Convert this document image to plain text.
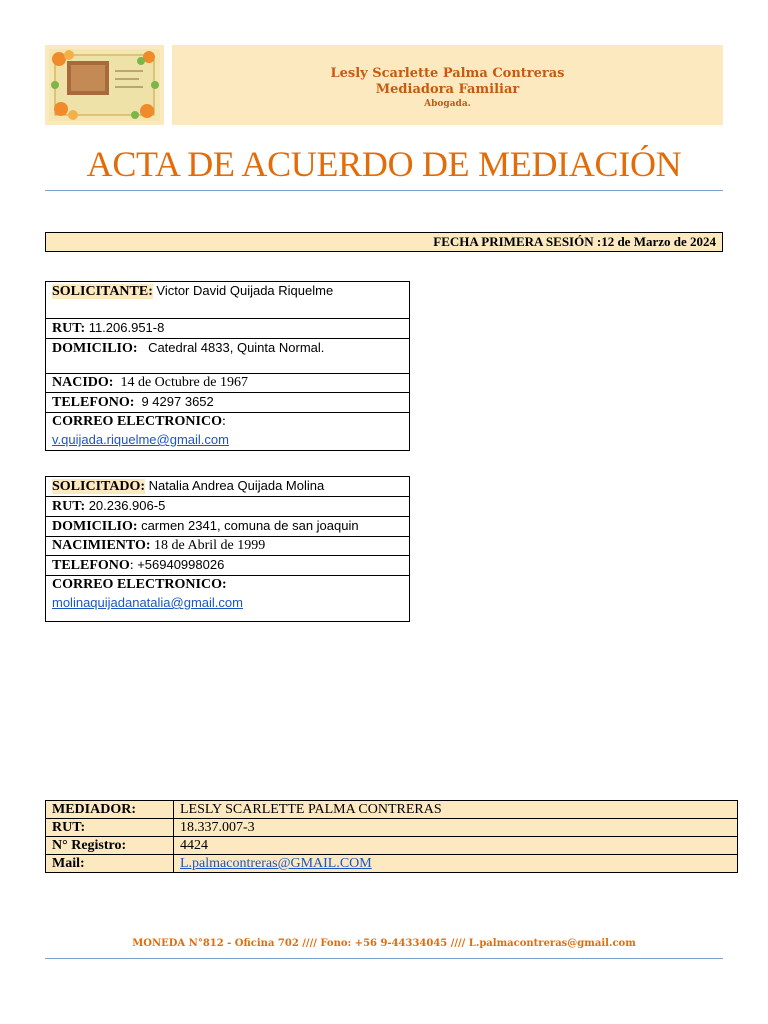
Lesly Scarlette Palma Contreras
Mediadora Familiar
Abogada.
ACTA DE ACUERDO DE MEDIACIÓN
FECHA PRIMERA SESIÓN :12 de Marzo de 2024
SOLICITANTE: Victor David Quijada Riquelme
RUT: 11.206.951-8
DOMICILIO: Catedral 4833, Quinta Normal.
NACIDO: 14 de Octubre de 1967
TELEFONO: 9 4297 3652
CORREO ELECTRONICO:
v.quijada.riquelme@gmail.com
SOLICITADO: Natalia Andrea Quijada Molina
RUT: 20.236.906-5
DOMICILIO: carmen 2341, comuna de san joaquin
NACIMIENTO: 18 de Abril de 1999
TELEFONO: +56940998026
CORREO ELECTRONICO:
molinaquijadanatalia@gmail.com
MEDIADOR:	LESLY SCARLETTE PALMA CONTRERAS
RUT:	18.337.007-3
N° Registro:	4424
Mail:	L.palmacontreras@GMAIL.COM
MONEDA N°812 - Oficina 702 //// Fono: +56 9-44334045 //// L.palmacontreras@gmail.com
